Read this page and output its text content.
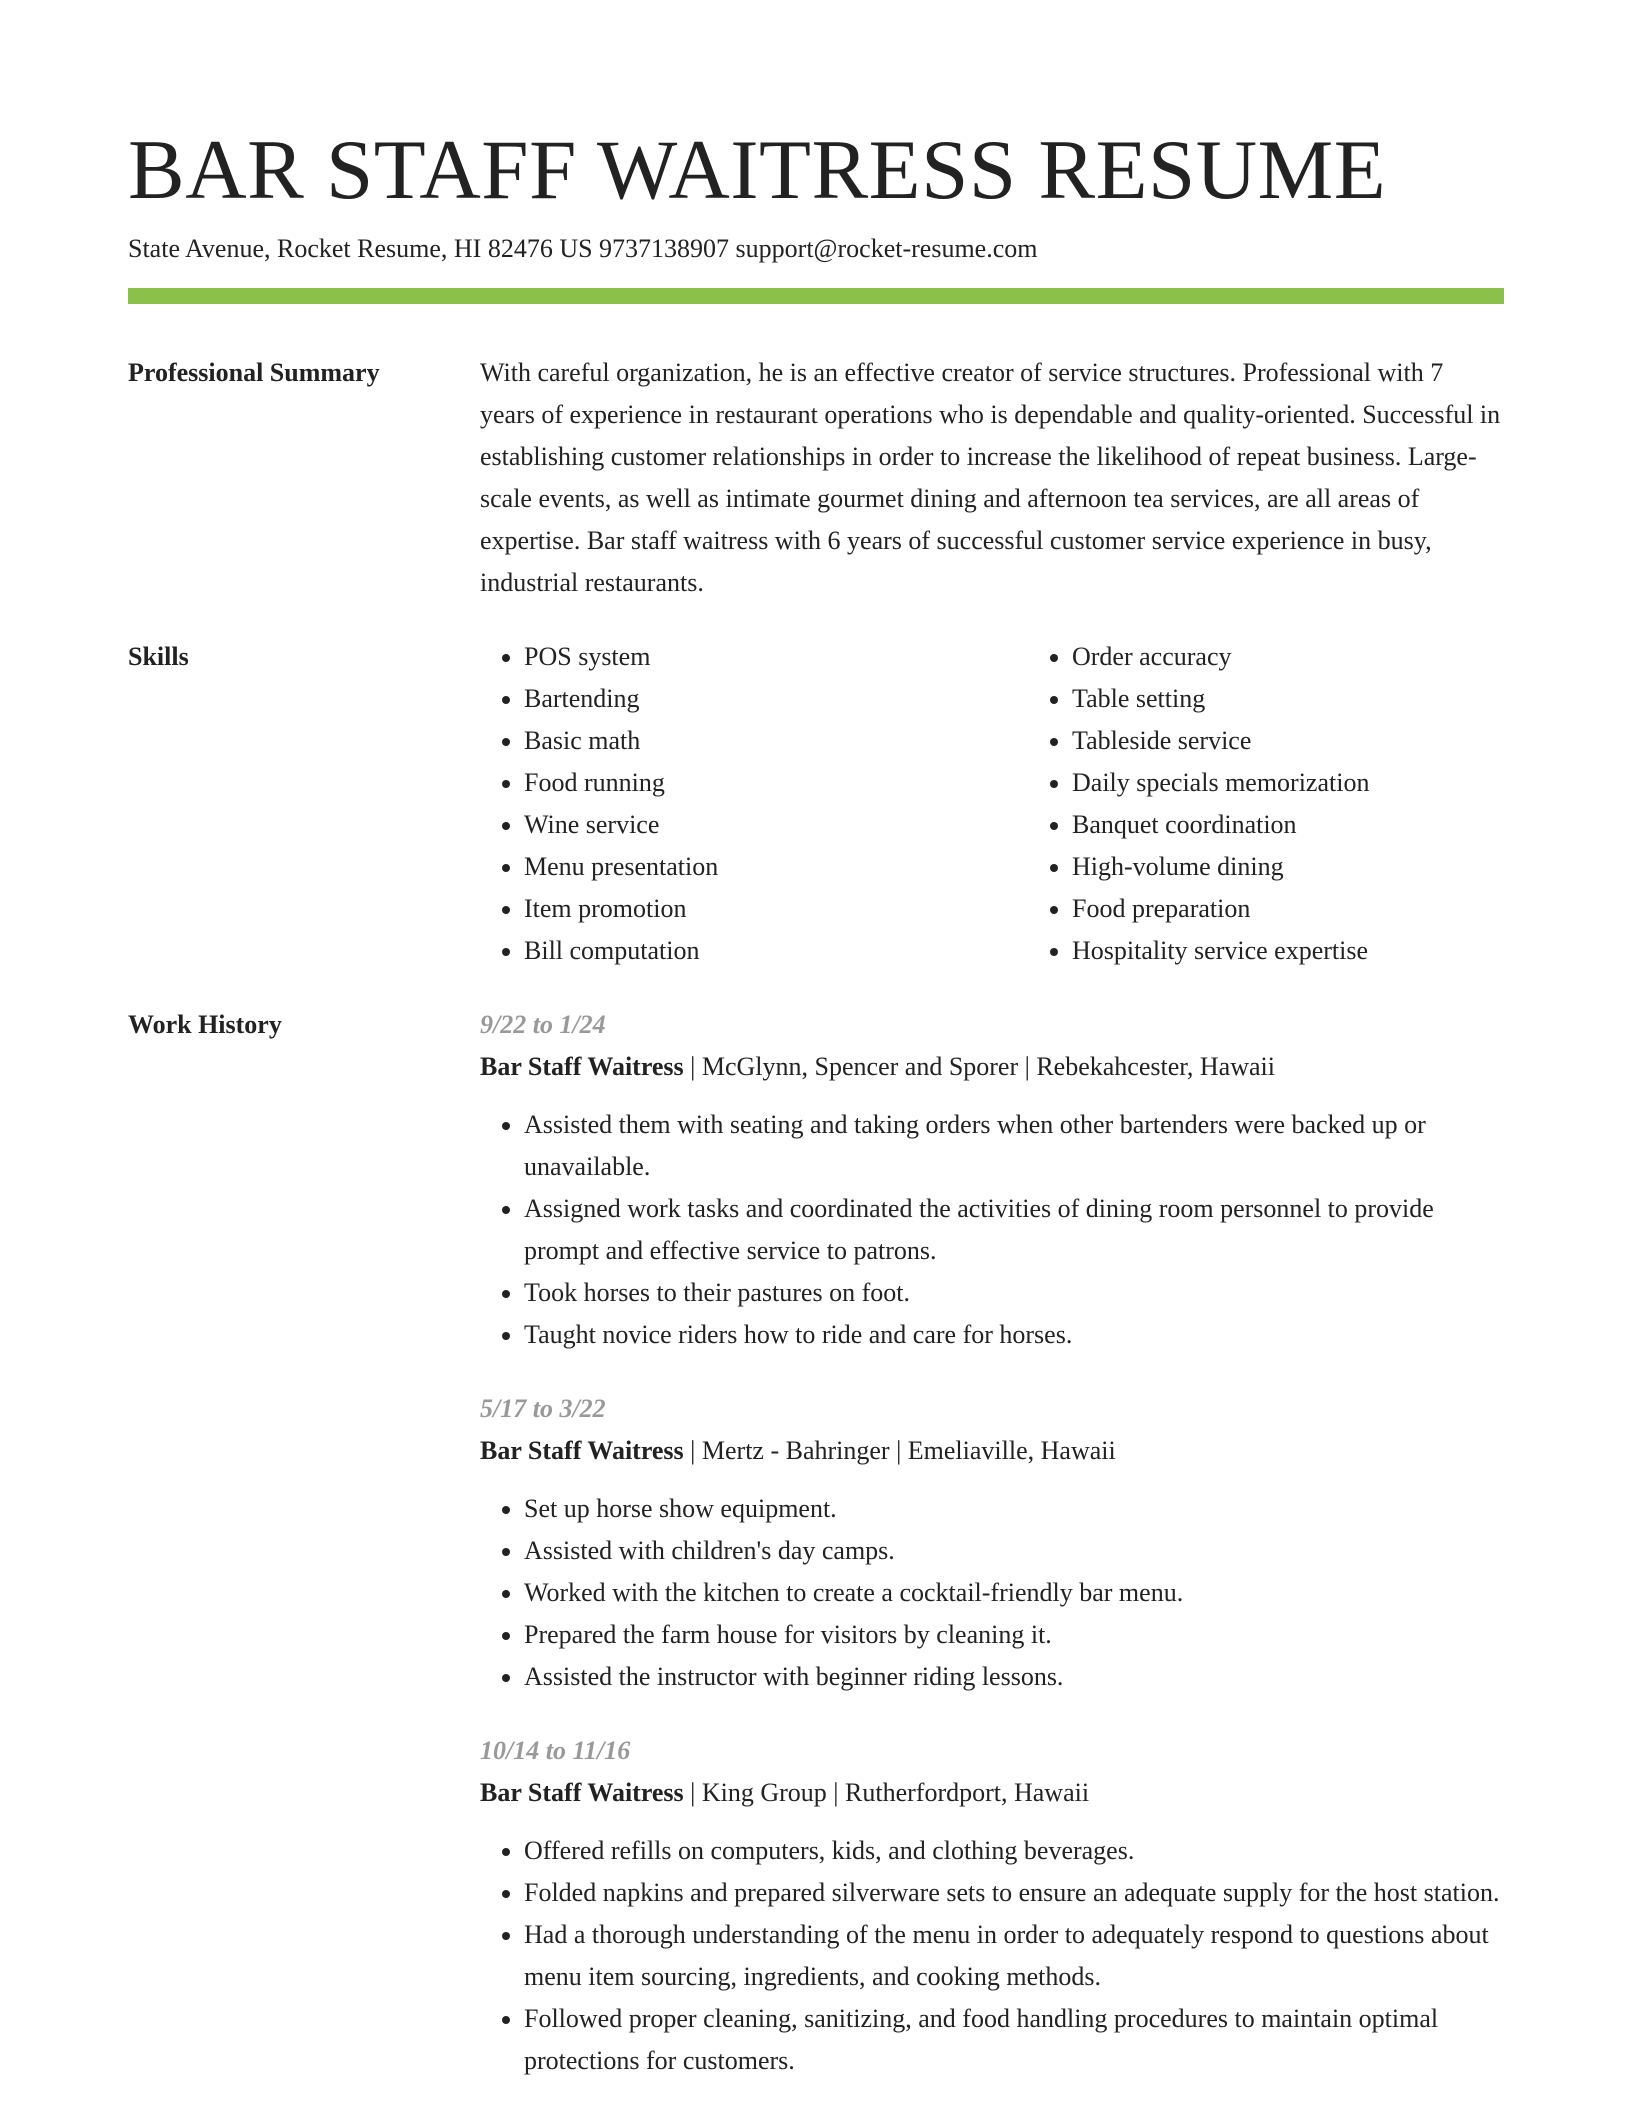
BAR STAFF WAITRESS RESUME
State Avenue, Rocket Resume, HI 82476 US 9737138907 support@rocket-resume.com
Professional Summary	With careful organization, he is an effective creator of service structures. Professional with 7 years of experience in restaurant operations who is dependable and quality-oriented. Successful in establishing customer relationships in order to increase the likelihood of repeat business. Large-scale events, as well as intimate gourmet dining and afternoon tea services, are all areas of expertise. Bar staff waitress with 6 years of successful customer service experience in busy, industrial restaurants.
Skills
•	POS system
• Bartending
• Basic math
• Food running
• Wine service
• Menu presentation
• Item promotion
• Bill computation
• Order accuracy
• Table setting
• Tableside service
• Daily specials memorization
• Banquet coordination
• High-volume dining
• Food preparation
• Hospitality service expertise
Work History	9/22 to 1/24
Bar Staff Waitress | McGlynn, Spencer and Sporer | Rebekahcester, Hawaii
• Assisted them with seating and taking orders when other bartenders were backed up or unavailable.
• Assigned work tasks and coordinated the activities of dining room personnel to provide prompt and effective service to patrons.
• Took horses to their pastures on foot.
• Taught novice riders how to ride and care for horses.
5/17 to 3/22
Bar Staff Waitress | Mertz - Bahringer | Emeliaville, Hawaii
• Set up horse show equipment.
• Assisted with children's day camps.
• Worked with the kitchen to create a cocktail-friendly bar menu.
• Prepared the farm house for visitors by cleaning it.
• Assisted the instructor with beginner riding lessons.
10/14 to 11/16
Bar Staff Waitress | King Group | Rutherfordport, Hawaii
• Offered refills on computers, kids, and clothing beverages.
• Folded napkins and prepared silverware sets to ensure an adequate supply for the host station.
• Had a thorough understanding of the menu in order to adequately respond to questions about menu item sourcing, ingredients, and cooking methods.
• Followed proper cleaning, sanitizing, and food handling procedures to maintain optimal protections for customers.
